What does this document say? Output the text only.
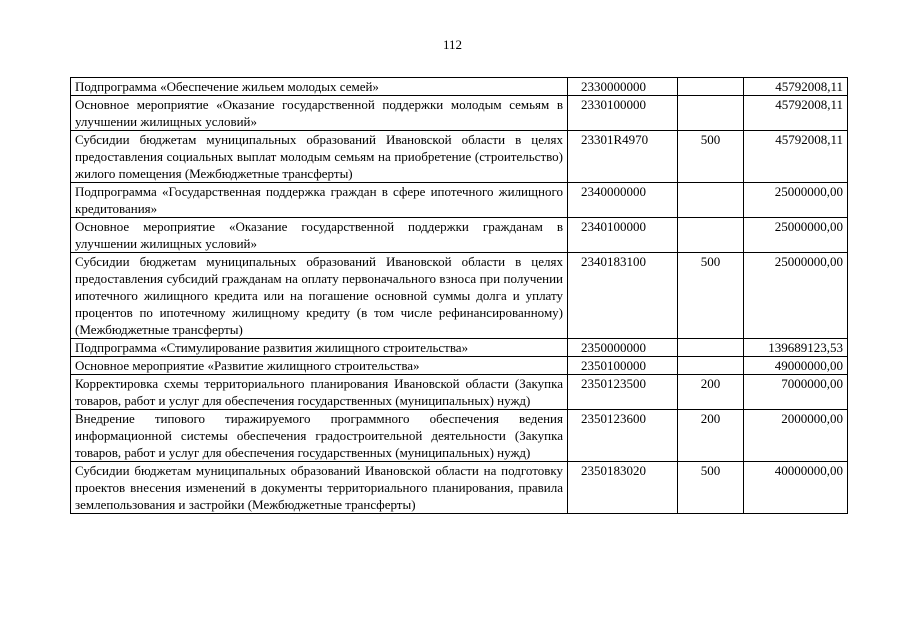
112
Подпрограмма «Обеспечение жильем молодых семей»	2330000000		45792008,11
Основное мероприятие «Оказание государственной поддержки молодым семьям в улучшении жилищных условий»	2330100000		45792008,11
Субсидии бюджетам муниципальных образований Ивановской области в целях предоставления социальных выплат молодым семьям на приобретение (строительство) жилого помещения (Межбюджетные трансферты)	23301R4970	500	45792008,11
Подпрограмма «Государственная поддержка граждан в сфере ипотечного жилищного кредитования»	2340000000		25000000,00
Основное мероприятие «Оказание государственной поддержки гражданам в улучшении жилищных условий»	2340100000		25000000,00
Субсидии бюджетам муниципальных образований Ивановской области в целях предоставления субсидий гражданам на оплату первоначального взноса при получении ипотечного жилищного кредита или на погашение основной суммы долга и уплату процентов по ипотечному жилищному кредиту (в том числе рефинансированному) (Межбюджетные трансферты)	2340183100	500	25000000,00
Подпрограмма «Стимулирование развития жилищного строительства»	2350000000		139689123,53
Основное мероприятие «Развитие жилищного строительства»	2350100000		49000000,00
Корректировка схемы территориального планирования Ивановской области (Закупка товаров, работ и услуг для обеспечения государственных (муниципальных) нужд)	2350123500	200	7000000,00
Внедрение типового тиражируемого программного обеспечения ведения информационной системы обеспечения градостроительной деятельности (Закупка товаров, работ и услуг для обеспечения государственных (муниципальных) нужд)	2350123600	200	2000000,00
Субсидии бюджетам муниципальных образований Ивановской области на подготовку проектов внесения изменений в документы территориального планирования, правила землепользования и застройки (Межбюджетные трансферты)	2350183020	500	40000000,00
